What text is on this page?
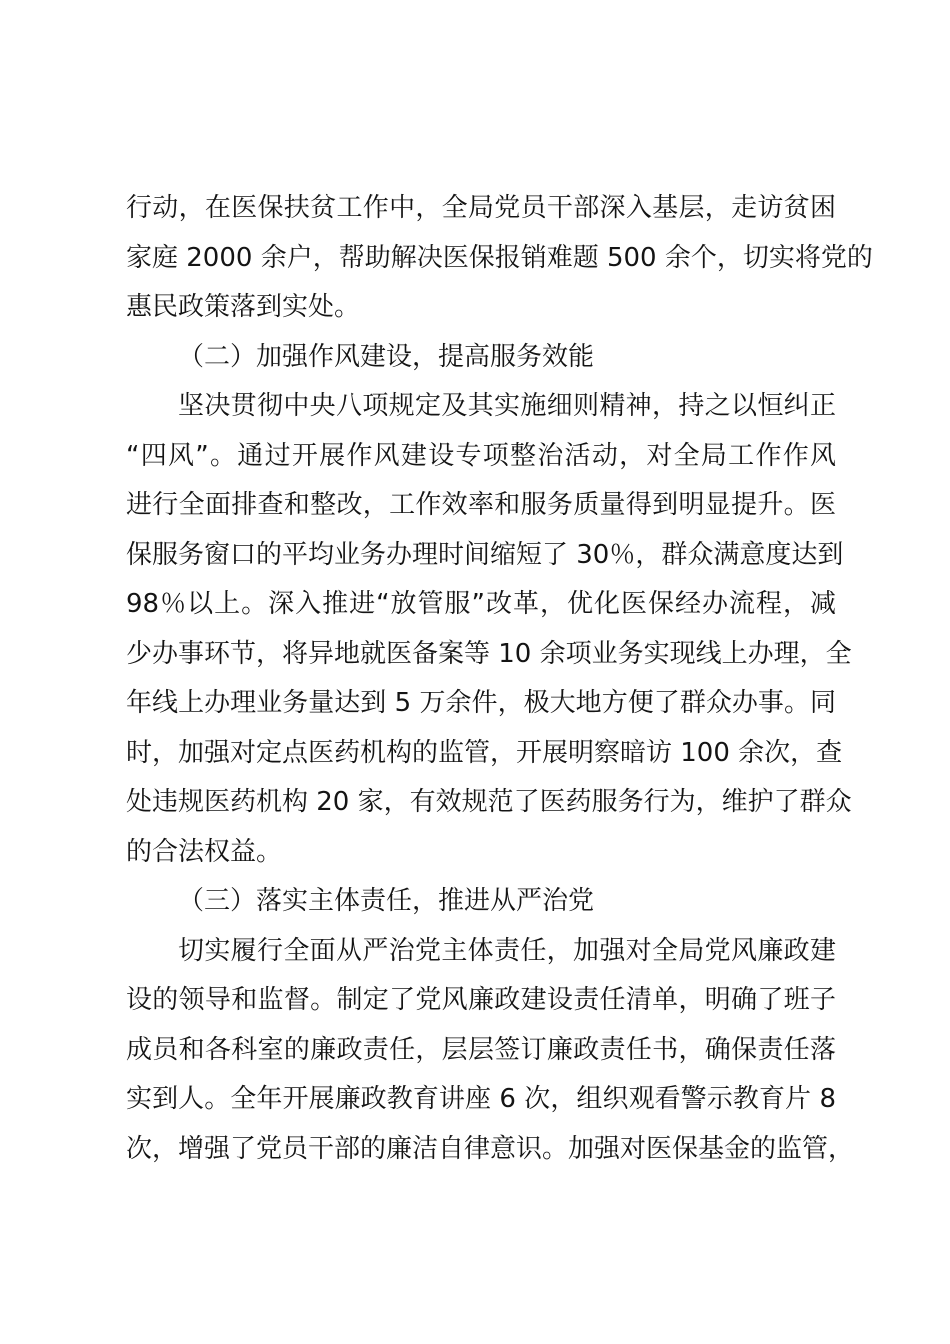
行动，在医保扶贫工作中，全局党员干部深入基层，走访贫困
家庭 2000 余户，帮助解决医保报销难题 500 余个，切实将党的
惠民政策落到实处。
（二）加强作风建设，提高服务效能
坚决贯彻中央八项规定及其实施细则精神，持之以恒纠正
“四风”。通过开展作风建设专项整治活动，对全局工作作风
进行全面排查和整改，工作效率和服务质量得到明显提升。医
保服务窗口的平均业务办理时间缩短了 30％，群众满意度达到
98％以上。深入推进“放管服”改革，优化医保经办流程，减
少办事环节，将异地就医备案等 10 余项业务实现线上办理，全
年线上办理业务量达到 5 万余件，极大地方便了群众办事。同
时，加强对定点医药机构的监管，开展明察暗访 100 余次，查
处违规医药机构 20 家，有效规范了医药服务行为，维护了群众
的合法权益。
（三）落实主体责任，推进从严治党
切实履行全面从严治党主体责任，加强对全局党风廉政建
设的领导和监督。制定了党风廉政建设责任清单，明确了班子
成员和各科室的廉政责任，层层签订廉政责任书，确保责任落
实到人。全年开展廉政教育讲座 6 次，组织观看警示教育片 8
次，增强了党员干部的廉洁自律意识。加强对医保基金的监管，
